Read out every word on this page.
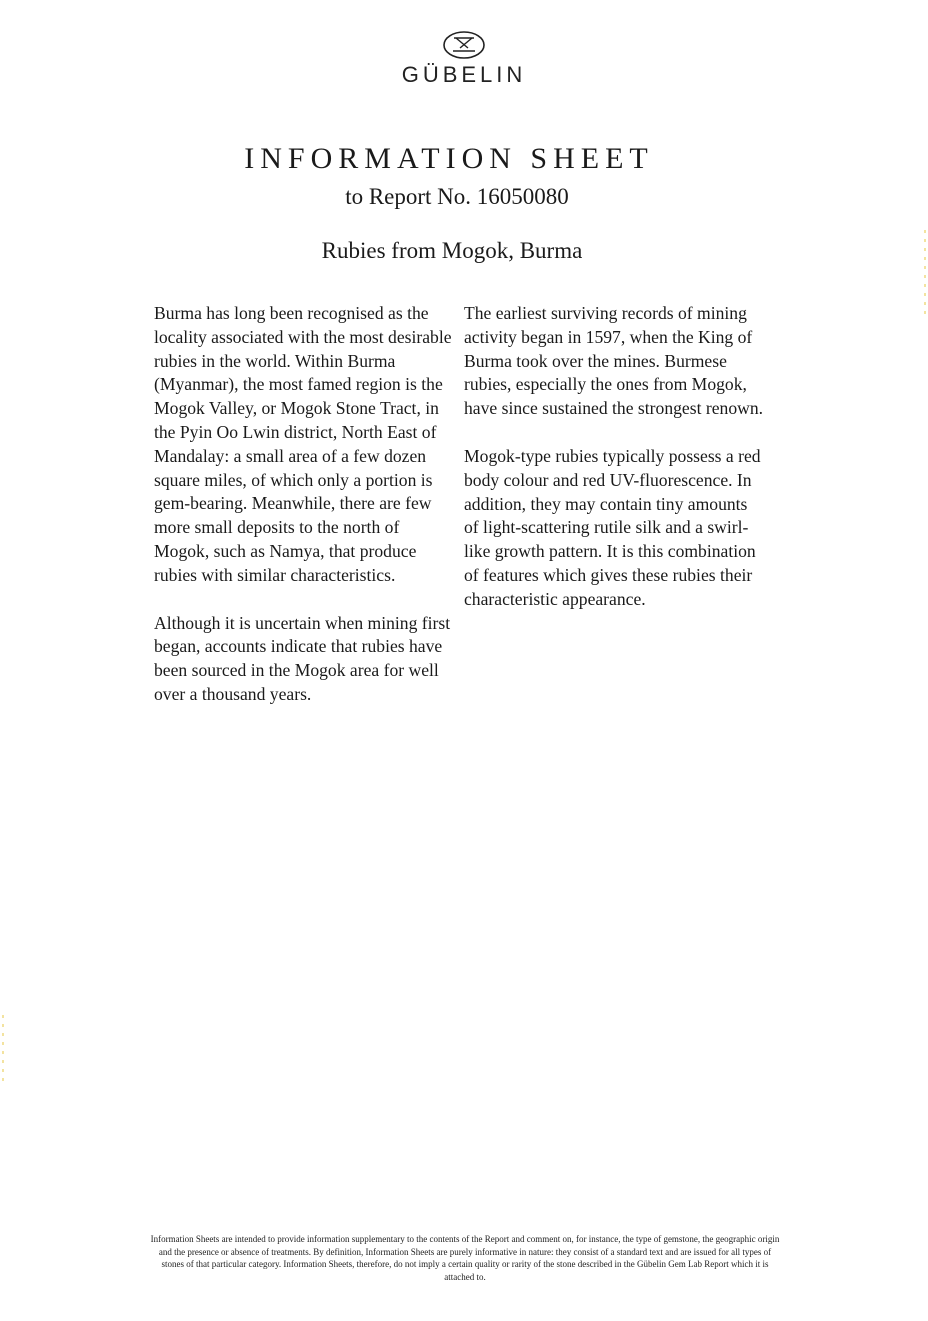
GÜBELIN
INFORMATION SHEET
to Report No. 16050080
Rubies from Mogok, Burma

Burma has long been recognised as the locality associated with the most desirable rubies in the world. Within Burma (Myanmar), the most famed region is the Mogok Valley, or Mogok Stone Tract, in the Pyin Oo Lwin district, North East of Mandalay: a small area of a few dozen square miles, of which only a portion is gem-bearing. Meanwhile, there are few more small deposits to the north of Mogok, such as Namya, that produce rubies with similar characteristics.

Although it is uncertain when mining first began, accounts indicate that rubies have been sourced in the Mogok area for well over a thousand years.

The earliest surviving records of mining activity began in 1597, when the King of Burma took over the mines. Burmese rubies, especially the ones from Mogok, have since sustained the strongest renown.

Mogok-type rubies typically possess a red body colour and red UV-fluorescence. In addition, they may contain tiny amounts of light-scattering rutile silk and a swirl-like growth pattern. It is this combination of features which gives these rubies their characteristic appearance.

Information Sheets are intended to provide information supplementary to the contents of the Report and comment on, for instance, the type of gemstone, the geographic origin and the presence or absence of treatments. By definition, Information Sheets are purely informative in nature: they consist of a standard text and are issued for all types of stones of that particular category. Information Sheets, therefore, do not imply a certain quality or rarity of the stone described in the Gübelin Gem Lab Report which it is attached to.
